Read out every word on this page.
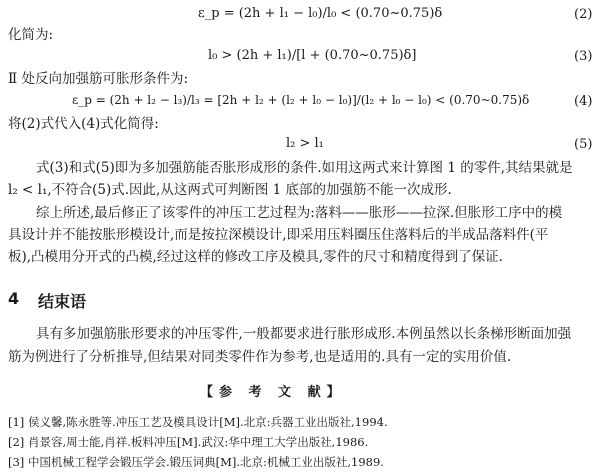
ε_p = (2h + l₁ − l₀)/l₀ < (0.70~0.75)δ	(2)
化简为:
l₀ > (2h + l₁)/[l + (0.70~0.75)δ]	(3)
Ⅱ 处反向加强筋可胀形条件为:
ε_p = (2h + l₂ − l₃)/l₃ = [2h + l₂ + (l₂ + l₀ − l₀)]/(l₂ + l₀ − l₀) < (0.70~0.75)δ	(4)
将(2)式代入(4)式化简得:
l₂ > l₁	(5)
式(3)和式(5)即为多加强筋能否胀形成形的条件.如用这两式来计算图 1 的零件,其结果就是
l₂ < l₁,不符合(5)式.因此,从这两式可判断图 1 底部的加强筋不能一次成形.
综上所述,最后修正了该零件的冲压工艺过程为:落料——胀形——拉深.但胀形工序中的模
具设计并不能按胀形模设计,而是按拉深模设计,即采用压料圈压住落料后的半成品落料件(平
板),凸模用分开式的凸模,经过这样的修改工序及模具,零件的尺寸和精度得到了保证.
4 结束语
具有多加强筋胀形要求的冲压零件,一般都要求进行胀形成形.本例虽然以长条梯形断面加强
筋为例进行了分析推导,但结果对同类零件作为参考,也是适用的.具有一定的实用价值.
【参 考 文 献】
[1] 侯义馨,陈永胜等.冲压工艺及模具设计[M].北京:兵器工业出版社,1994.
[2] 肖景容,周士能,肖祥.板料冲压[M].武汉:华中理工大学出版社,1986.
[3] 中国机械工程学会锻压学会.锻压词典[M].北京:机械工业出版社,1989.
